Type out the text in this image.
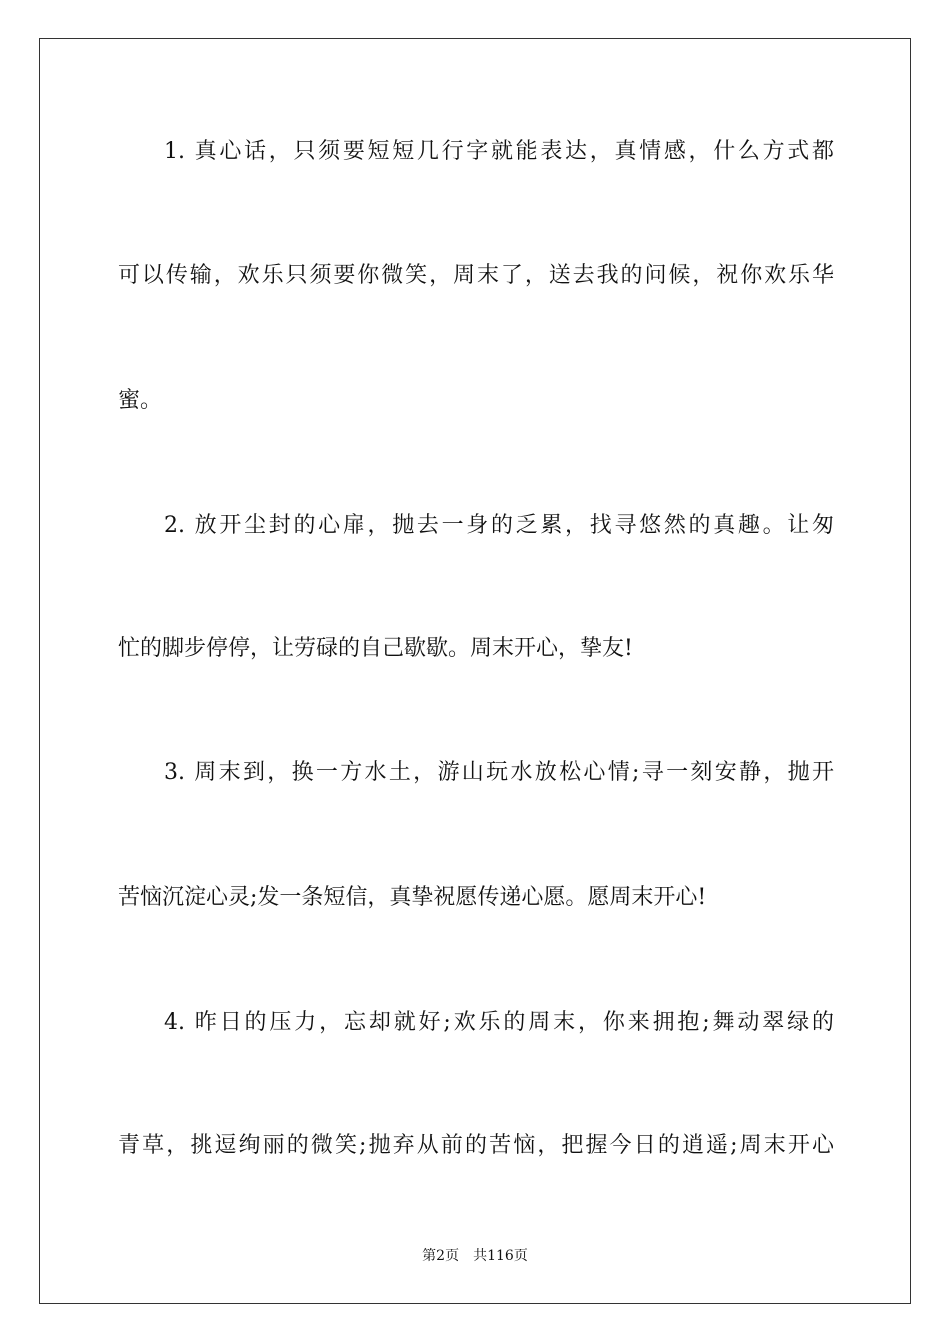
1. 真心话，只须要短短几行字就能表达，真情感，什么方式都
可以传输，欢乐只须要你微笑，周末了，送去我的问候，祝你欢乐华
蜜。
2. 放开尘封的心扉，抛去一身的乏累，找寻悠然的真趣。让匆
忙的脚步停停，让劳碌的自己歇歇。周末开心，挚友!
3. 周末到，换一方水土，游山玩水放松心情;寻一刻安静，抛开
苦恼沉淀心灵;发一条短信，真挚祝愿传递心愿。愿周末开心!
4. 昨日的压力，忘却就好;欢乐的周末，你来拥抱;舞动翠绿的
青草，挑逗绚丽的微笑;抛弃从前的苦恼，把握今日的逍遥;周末开心
第2页 共116页
